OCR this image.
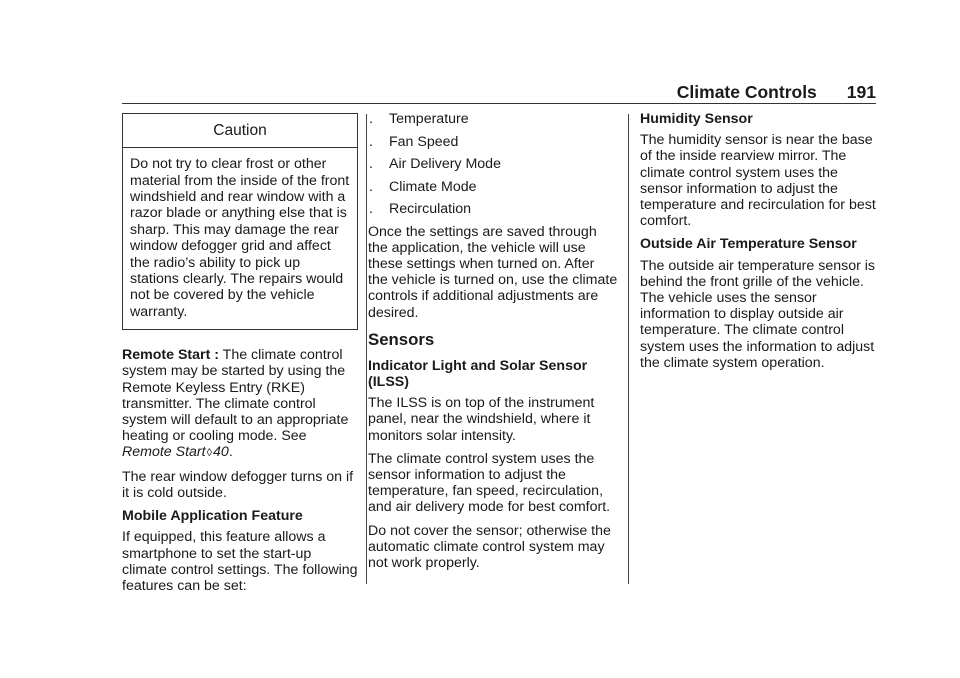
Climate Controls 191
Caution
Do not try to clear frost or other material from the inside of the front windshield and rear window with a razor blade or anything else that is sharp. This may damage the rear window defogger grid and affect the radio’s ability to pick up stations clearly. The repairs would not be covered by the vehicle warranty.

Remote Start : The climate control system may be started by using the Remote Keyless Entry (RKE) transmitter. The climate control system will default to an appropriate heating or cooling mode. See Remote Start◊40.

The rear window defogger turns on if it is cold outside.

Mobile Application Feature

If equipped, this feature allows a smartphone to set the start-up climate control settings. The following features can be set:

.	Temperature
.	Fan Speed
.	Air Delivery Mode
.	Climate Mode
.	Recirculation

Once the settings are saved through the application, the vehicle will use these settings when turned on. After the vehicle is turned on, use the climate controls if additional adjustments are desired.

Sensors

Indicator Light and Solar Sensor (ILSS)

The ILSS is on top of the instrument panel, near the windshield, where it monitors solar intensity.

The climate control system uses the sensor information to adjust the temperature, fan speed, recirculation, and air delivery mode for best comfort.

Do not cover the sensor; otherwise the automatic climate control system may not work properly.

Humidity Sensor

The humidity sensor is near the base of the inside rearview mirror. The climate control system uses the sensor information to adjust the temperature and recirculation for best comfort.

Outside Air Temperature Sensor

The outside air temperature sensor is behind the front grille of the vehicle. The vehicle uses the sensor information to display outside air temperature. The climate control system uses the information to adjust the climate system operation.
